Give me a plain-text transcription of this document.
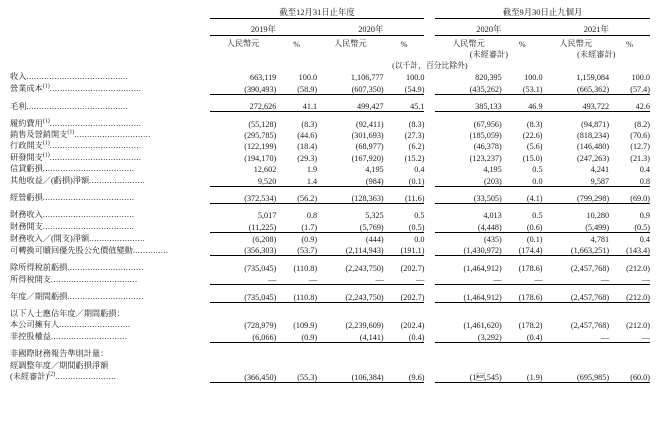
	截至12月31日止年度					截至9月30日止九個月			

	2019年		2020年			2020年		2021年	

	人民幣元	%	人民幣元	%		人民幣元	%	人民幣元	%
						(未經審計)		(未經審計)	
	(以千計，百分比除外)								
收入........................................	663,119	100.0	1,106,777	100.0		820,395	100.0	1,159,084	100.0
營業成本$^{(1)}$....................................	(390,493)	(58.9)	(607,350)	(54.9)		(435,262)	(53.1)	(665,362)	(57.4)

毛利........................................	272,626	41.1	499,427	45.1		385,133	46.9	493,722	42.6

履約費用$^{(1)}$....................................	(55,128)	(8.3)	(92,411)	(8.3)		(67,956)	(8.3)	(94,871)	(8.2)
銷售及營銷開支$^{(1)}$..............................	(295,785)	(44.6)	(301,693)	(27.3)		(185,059)	(22.6)	(818,234)	(70.6)
行政開支$^{(1)}$....................................	(122,199)	(18.4)	(68,977)	(6.2)		(46,378)	(5.6)	(146,480)	(12.7)
研發開支$^{(1)}$....................................	(194,170)	(29.3)	(167,920)	(15.2)		(123,237)	(15.0)	(247,263)	(21.3)
信貸虧損....................................	12,602	1.9	4,195	0.4		4,195	0.5	4,241	0.4
其他收益／(虧損)淨額......................	9,520	1.4	(984)	(0.1)		(203)	0.0	9,587	0.8

經營虧損....................................	(372,534)	(56.2)	(128,363)	(11.6)		(33,505)	(4.1)	(799,298)	(69.0)

財務收入....................................	5,017	0.8	5,325	0.5		4,013	0.5	10,280	0.9
財務開支....................................	(11,225)	(1.7)	(5,769)	(0.5)		(4,448)	(0.6)	(5,499)	(0.5)
財務收入／(開支)淨額......................	(6,208)	(0.9)	(444)	0.0		(435)	(0.1)	4,781	0.4
可轉換可贖回優先股公允價值變動..............	(356,303)	(53.7)	(2,114,943)	(191.1)		(1,430,972)	(174.4)	(1,663,251)	(143.4)

除所得稅前虧損..............................	(735,045)	(110.8)	(2,243,750)	(202.7)		(1,464,912)	(178.6)	(2,457,768)	(212.0)
所得稅開支..................................	—	—	—	—		—	—	—	—

年度／期間虧損..............................	(735,045)	(110.8)	(2,243,750)	(202.7)		(1,464,912)	(178.6)	(2,457,768)	(212.0)

以下人士應佔年度／期間虧損：									
本公司擁有人............................	(728,979)	(109.9)	(2,239,609)	(202.4)		(1,461,620)	(178.2)	(2,457,768)	(212.0)
非控股權益..............................	(6,066)	(0.9)	(4,141)	(0.4)		(3,292)	(0.4)	—	—

非國際財務報告準則計量：									
經調整年度／期間虧損淨額									
(未經審計)$^{(2)}$........................	(366,450)	(55.3)	(106,384)	(9.6)		(1,545)	(1.9)	(695,985)	(60.0)
